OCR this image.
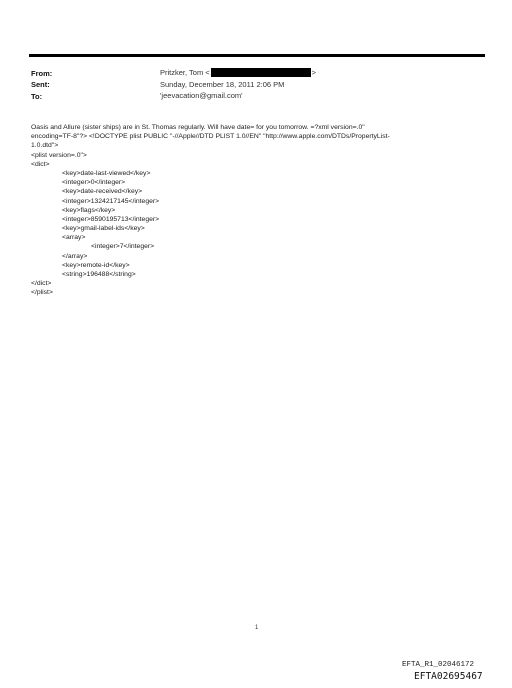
From:	Pritzker, Tom <	>
Sent:	Sunday, December 18, 2011 2:06 PM
To:	'jeevacation@gmail.com'
Oasis and Allure (sister ships) are in St. Thomas regularly. Will have date= for you tomorrow. =?xml version=.0"
encoding=TF-8"?> <!DOCTYPE plist PUBLIC "-//Apple//DTD PLIST 1.0//EN" "http://www.apple.com/DTDs/PropertyList-
1.0.dtd">
<plist version=.0">
<dict>
<key>date-last-viewed</key>
<integer>0</integer>
<key>date-received</key>
<integer>1324217145</integer>
<key>flags</key>
<integer>8590195713</integer>
<key>gmail-label-ids</key>
<array>
<integer>7</integer>
</array>
<key>remote-id</key>
<string>196488</string>
</dict>
</plist>
1
EFTA_R1_02046172
EFTA02695467
